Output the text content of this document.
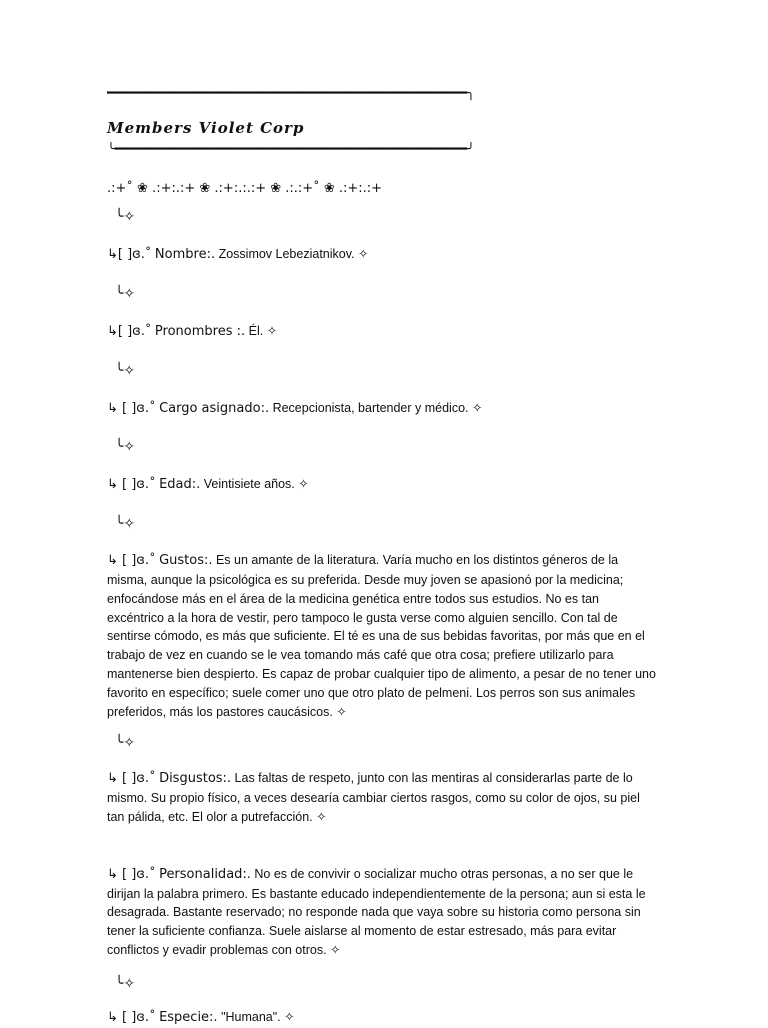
━━━━━━━━━━━━━━━━━━━━━━━━━━━━━━━━━━━━━━━━━━━━━━╮
Members Violet Corp
╰━━━━━━━━━━━━━━━━━━━━━━━━━━━━━━━━━━━━━━━━━━━━━╯
.:+˚ ❀ .:+:.:+ ❀ .:+:.:.:+ ❀ .:.:+˚ ❀ .:+:.:+
╰✧
↳[ ]ɞ.˚ Nombre:. Zossimov Lebeziatnikov. ✧
╰✧
↳[ ]ɞ.˚ Pronombres :. Él. ✧
╰✧
↳ [ ]ɞ.˚ Cargo asignado:. Recepcionista, bartender y médico. ✧
╰✧
↳ [ ]ɞ.˚ Edad:. Veintisiete años. ✧
╰✧
↳ [ ]ɞ.˚ Gustos:. Es un amante de la literatura. Varía mucho en los distintos géneros de la misma, aunque la psicológica es su preferida. Desde muy joven se apasionó por la medicina; enfocándose más en el área de la medicina genética entre todos sus estudios. No es tan excéntrico a la hora de vestir, pero tampoco le gusta verse como alguien sencillo. Con tal de sentirse cómodo, es más que suficiente. El té es una de sus bebidas favoritas, por más que en el trabajo de vez en cuando se le vea tomando más café que otra cosa; prefiere utilizarlo para mantenerse bien despierto. Es capaz de probar cualquier tipo de alimento, a pesar de no tener uno favorito en específico; suele comer uno que otro plato de pelmeni. Los perros son sus animales preferidos, más los pastores caucásicos. ✧
╰✧
↳ [ ]ɞ.˚ Disgustos:. Las faltas de respeto, junto con las mentiras al considerarlas parte de lo mismo. Su propio físico, a veces desearía cambiar ciertos rasgos, como su color de ojos, su piel tan pálida, etc. El olor a putrefacción. ✧
↳ [ ]ɞ.˚ Personalidad:. No es de convivir o socializar mucho otras personas, a no ser que le dirijan la palabra primero. Es bastante educado independientemente de la persona; aun si esta le desagrada. Bastante reservado; no responde nada que vaya sobre su historia como persona sin tener la suficiente confianza. Suele aislarse al momento de estar estresado, más para evitar conflictos y evadir problemas con otros. ✧
╰✧
↳ [ ]ɞ.˚ Especie:. "Humana". ✧
